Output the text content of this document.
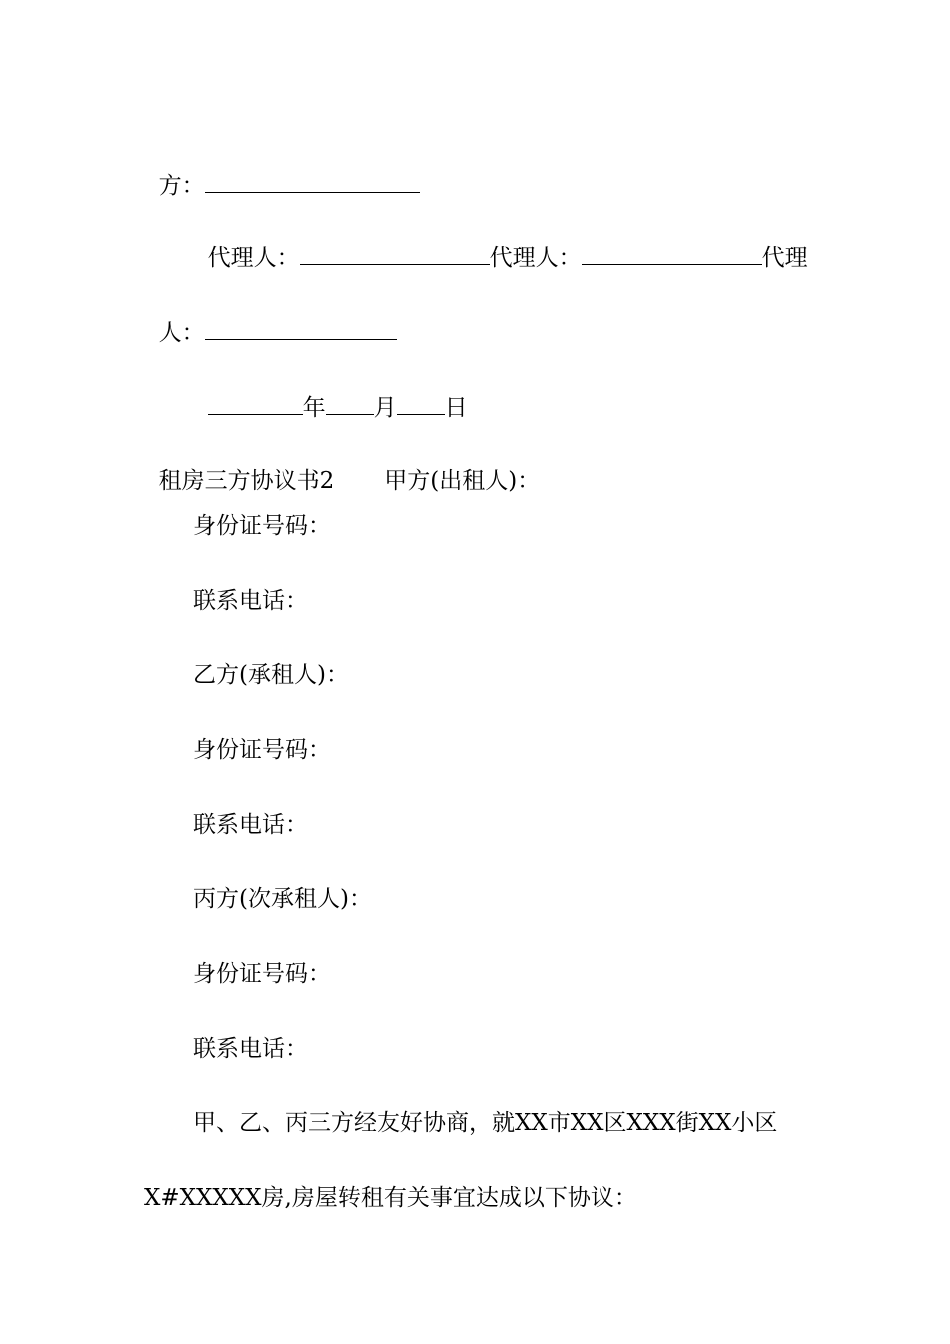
方：

代理人：	代理人：	代理

人：

年 月 日

租房三方协议书2 甲方(出租人)：

身份证号码：
联系电话：
乙方(承租人)：
身份证号码：
联系电话：
丙方(次承租人)：
身份证号码：
联系电话：
甲、乙、丙三方经友好协商，就XX市XX区XXX街XX小区
X#XXXXX房,房屋转租有关事宜达成以下协议：
